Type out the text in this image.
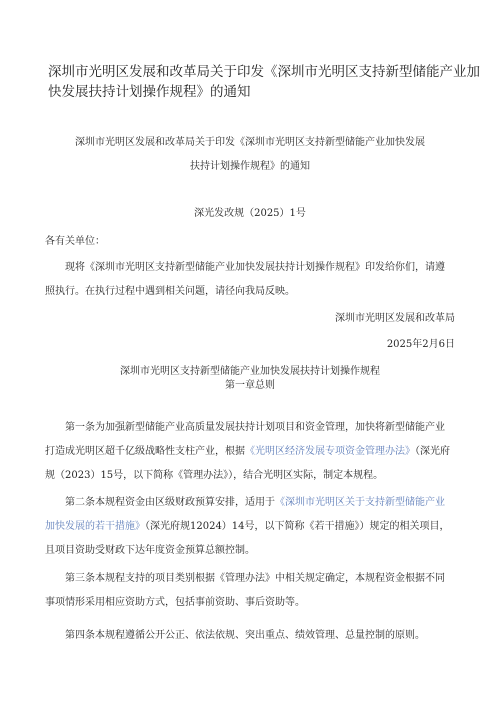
深圳市光明区发展和改革局关于印发《深圳市光明区支持新型储能产业加
快发展扶持计划操作规程》的通知
深圳市光明区发展和改革局关于印发《深圳市光明区支持新型储能产业加快发展
扶持计划操作规程》的通知
深光发改规（2025）1号
各有关单位：
现将《深圳市光明区支持新型储能产业加快发展扶持计划操作规程》印发给你们，请遵
照执行。在执行过程中遇到相关问题，请径向我局反映。
深圳市光明区发展和改革局
2025年2月6日
深圳市光明区支持新型储能产业加快发展扶持计划操作规程
第一章总则
第一条为加强新型储能产业高质量发展扶持计划项目和资金管理，加快将新型储能产业
打造成光明区超千亿级战略性支柱产业，根据《光明区经济发展专项资金管理办法》（深光府
规（2023）15号，以下简称《管理办法》），结合光明区实际，制定本规程。
第二条本规程资金由区级财政预算安排，适用于《深圳市光明区关于支持新型储能产业
加快发展的若干措施》（深光府规12024）14号，以下简称《若干措施》）规定的相关项目，
且项目资助受财政下达年度资金预算总额控制。
第三条本规程支持的项目类别根据《管理办法》中相关规定确定，本规程资金根据不同
事项情形采用相应资助方式，包括事前资助、事后资助等。
第四条本规程遵循公开公正、依法依规、突出重点、绩效管理、总量控制的原则。
